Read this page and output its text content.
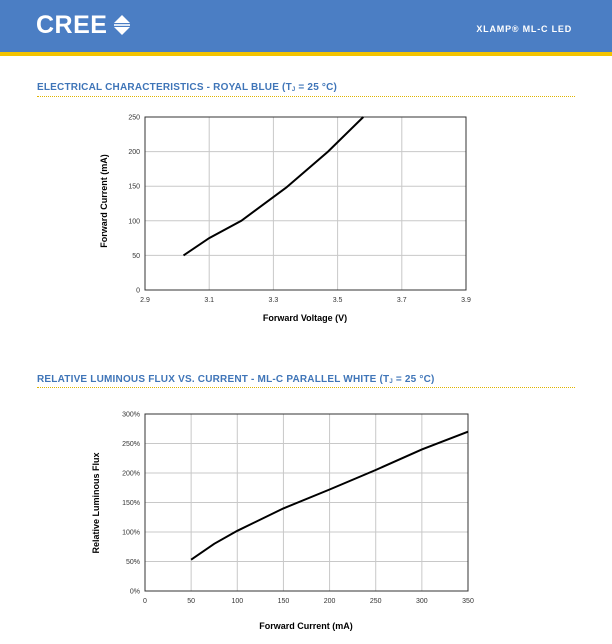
CREE	XLAMP® ML-C LED
ELECTRICAL CHARACTERISTICS - ROYAL BLUE (TJ = 25 °C)
2.9	3.1	3.3	3.5	3.7	3.9
0
50
100
150
200
250
Forward Voltage (V)
Forward Current (mA)
RELATIVE LUMINOUS FLUX VS. CURRENT - ML-C PARALLEL WHITE (TJ = 25 °C)
0	50	100	150	200	250	300	350
0%
50%
100%
150%
200%
250%
300%
Forward Current (mA)
Relative Luminous Flux
